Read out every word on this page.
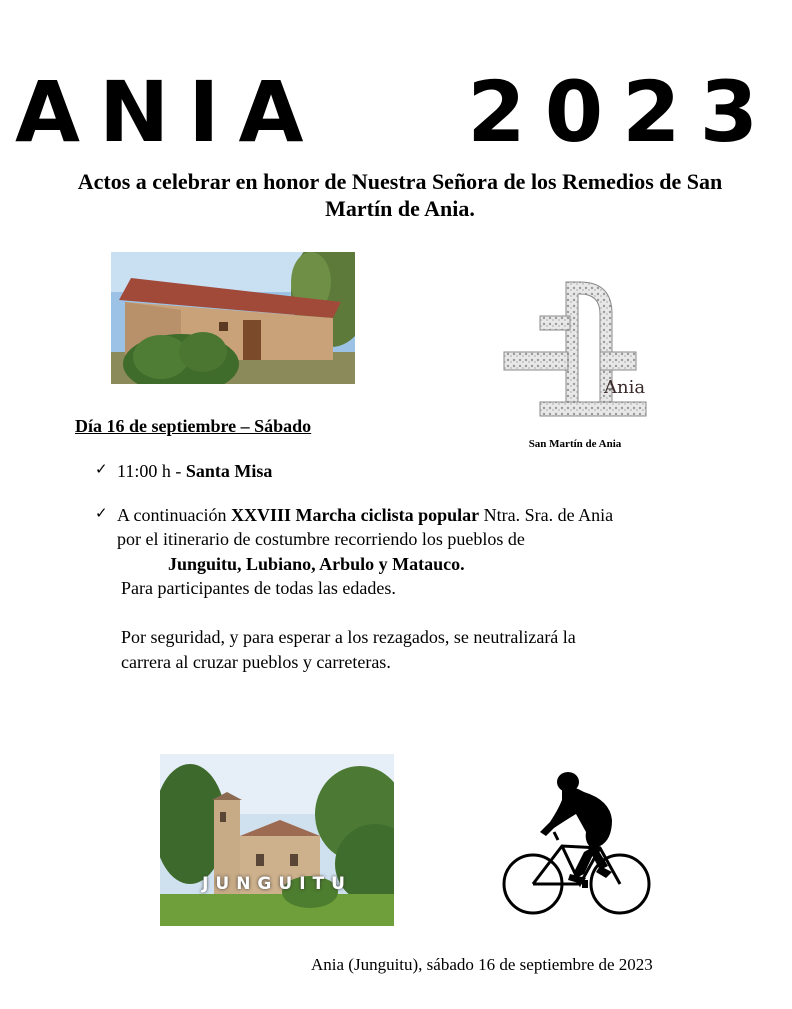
ANIA   2023
Actos a celebrar en honor de Nuestra Señora de los Remedios de San Martín de Ania.
Ania
San Martín de Ania
Día 16 de septiembre – Sábado
✓ 11:00 h - Santa Misa
✓ A continuación XXVIII Marcha ciclista popular Ntra. Sra. de Ania
por el itinerario de costumbre recorriendo los pueblos de
Junguitu, Lubiano, Arbulo y Matauco.
Para participantes de todas las edades.
Por seguridad, y para esperar a los rezagados, se neutralizará la
carrera al cruzar pueblos y carreteras.
JUNGUITU
Ania (Junguitu), sábado 16 de septiembre de 2023
